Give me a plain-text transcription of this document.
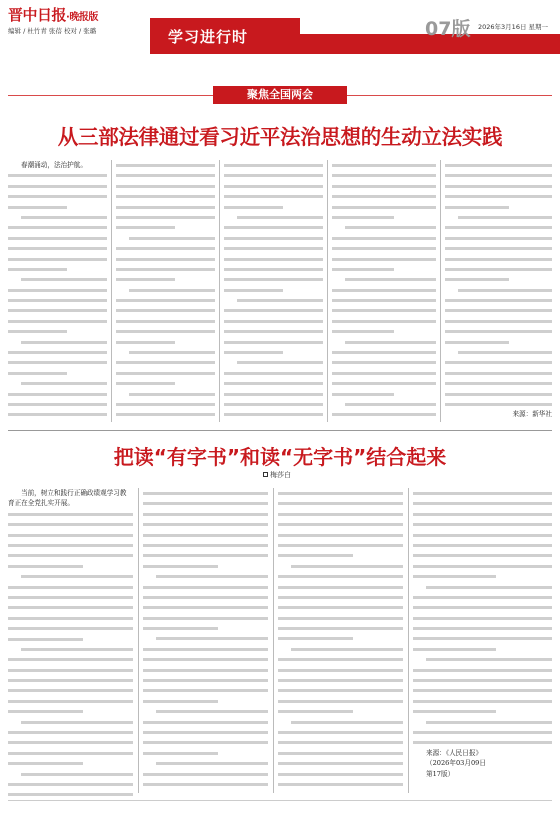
晋中日报·晚报版
编辑 / 杜竹青 张蓓 校对 / 张璐	学习进行时	07版 2026年3月16日 星期一
聚焦全国两会
从三部法律通过看习近平法治思想的生动立法实践
春潮涌动，法治护航。
来源：新华社
把读“有字书”和读“无字书”结合起来
梅莎白
当前，树立和践行正确政绩观学习教育正在全党扎实开展。
来源：《人民日报》
（2026年03月09日
第17版）
